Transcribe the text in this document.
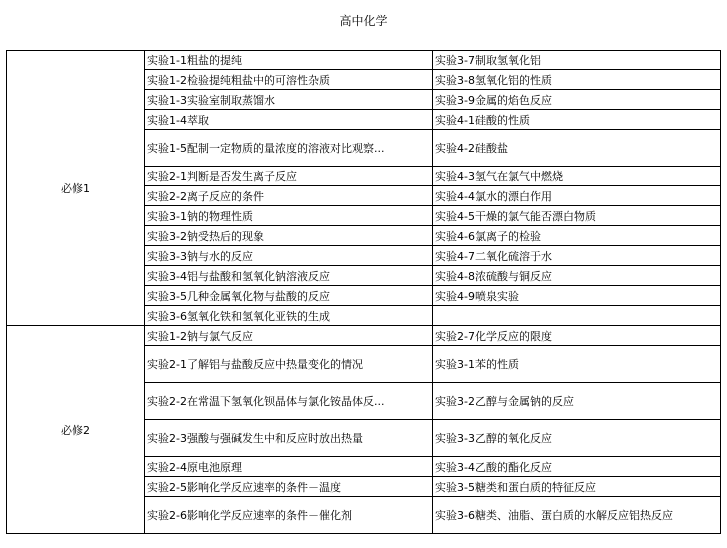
高中化学
必修1	实验1-1粗盐的提纯	实验3-7制取氢氧化铝
	实验1-2检验提纯粗盐中的可溶性杂质	实验3-8氢氧化铝的性质
	实验1-3实验室制取蒸馏水	实验3-9金属的焰色反应
	实验1-4萃取	实验4-1硅酸的性质
	实验1-5配制一定物质的量浓度的溶液对比观察...	实验4-2硅酸盐
	实验2-1判断是否发生离子反应	实验4-3氢气在氯气中燃烧
	实验2-2离子反应的条件	实验4-4氯水的漂白作用
	实验3-1钠的物理性质	实验4-5干燥的氯气能否漂白物质
	实验3-2钠受热后的现象	实验4-6氯离子的检验
	实验3-3钠与水的反应	实验4-7二氧化硫溶于水
	实验3-4铝与盐酸和氢氧化钠溶液反应	实验4-8浓硫酸与铜反应
	实验3-5几种金属氧化物与盐酸的反应	实验4-9喷泉实验
	实验3-6氢氧化铁和氢氧化亚铁的生成	
必修2	实验1-2钠与氯气反应	实验2-7化学反应的限度
	实验2-1了解铝与盐酸反应中热量变化的情况	实验3-1苯的性质
	实验2-2在常温下氢氧化钡晶体与氯化铵晶体反...	实验3-2乙醇与金属钠的反应
	实验2-3强酸与强碱发生中和反应时放出热量	实验3-3乙醇的氧化反应
	实验2-4原电池原理	实验3-4乙酸的酯化反应
	实验2-5影响化学反应速率的条件－温度	实验3-5糖类和蛋白质的特征反应
	实验2-6影响化学反应速率的条件－催化剂	实验3-6糖类、油脂、蛋白质的水解反应铝热反应
